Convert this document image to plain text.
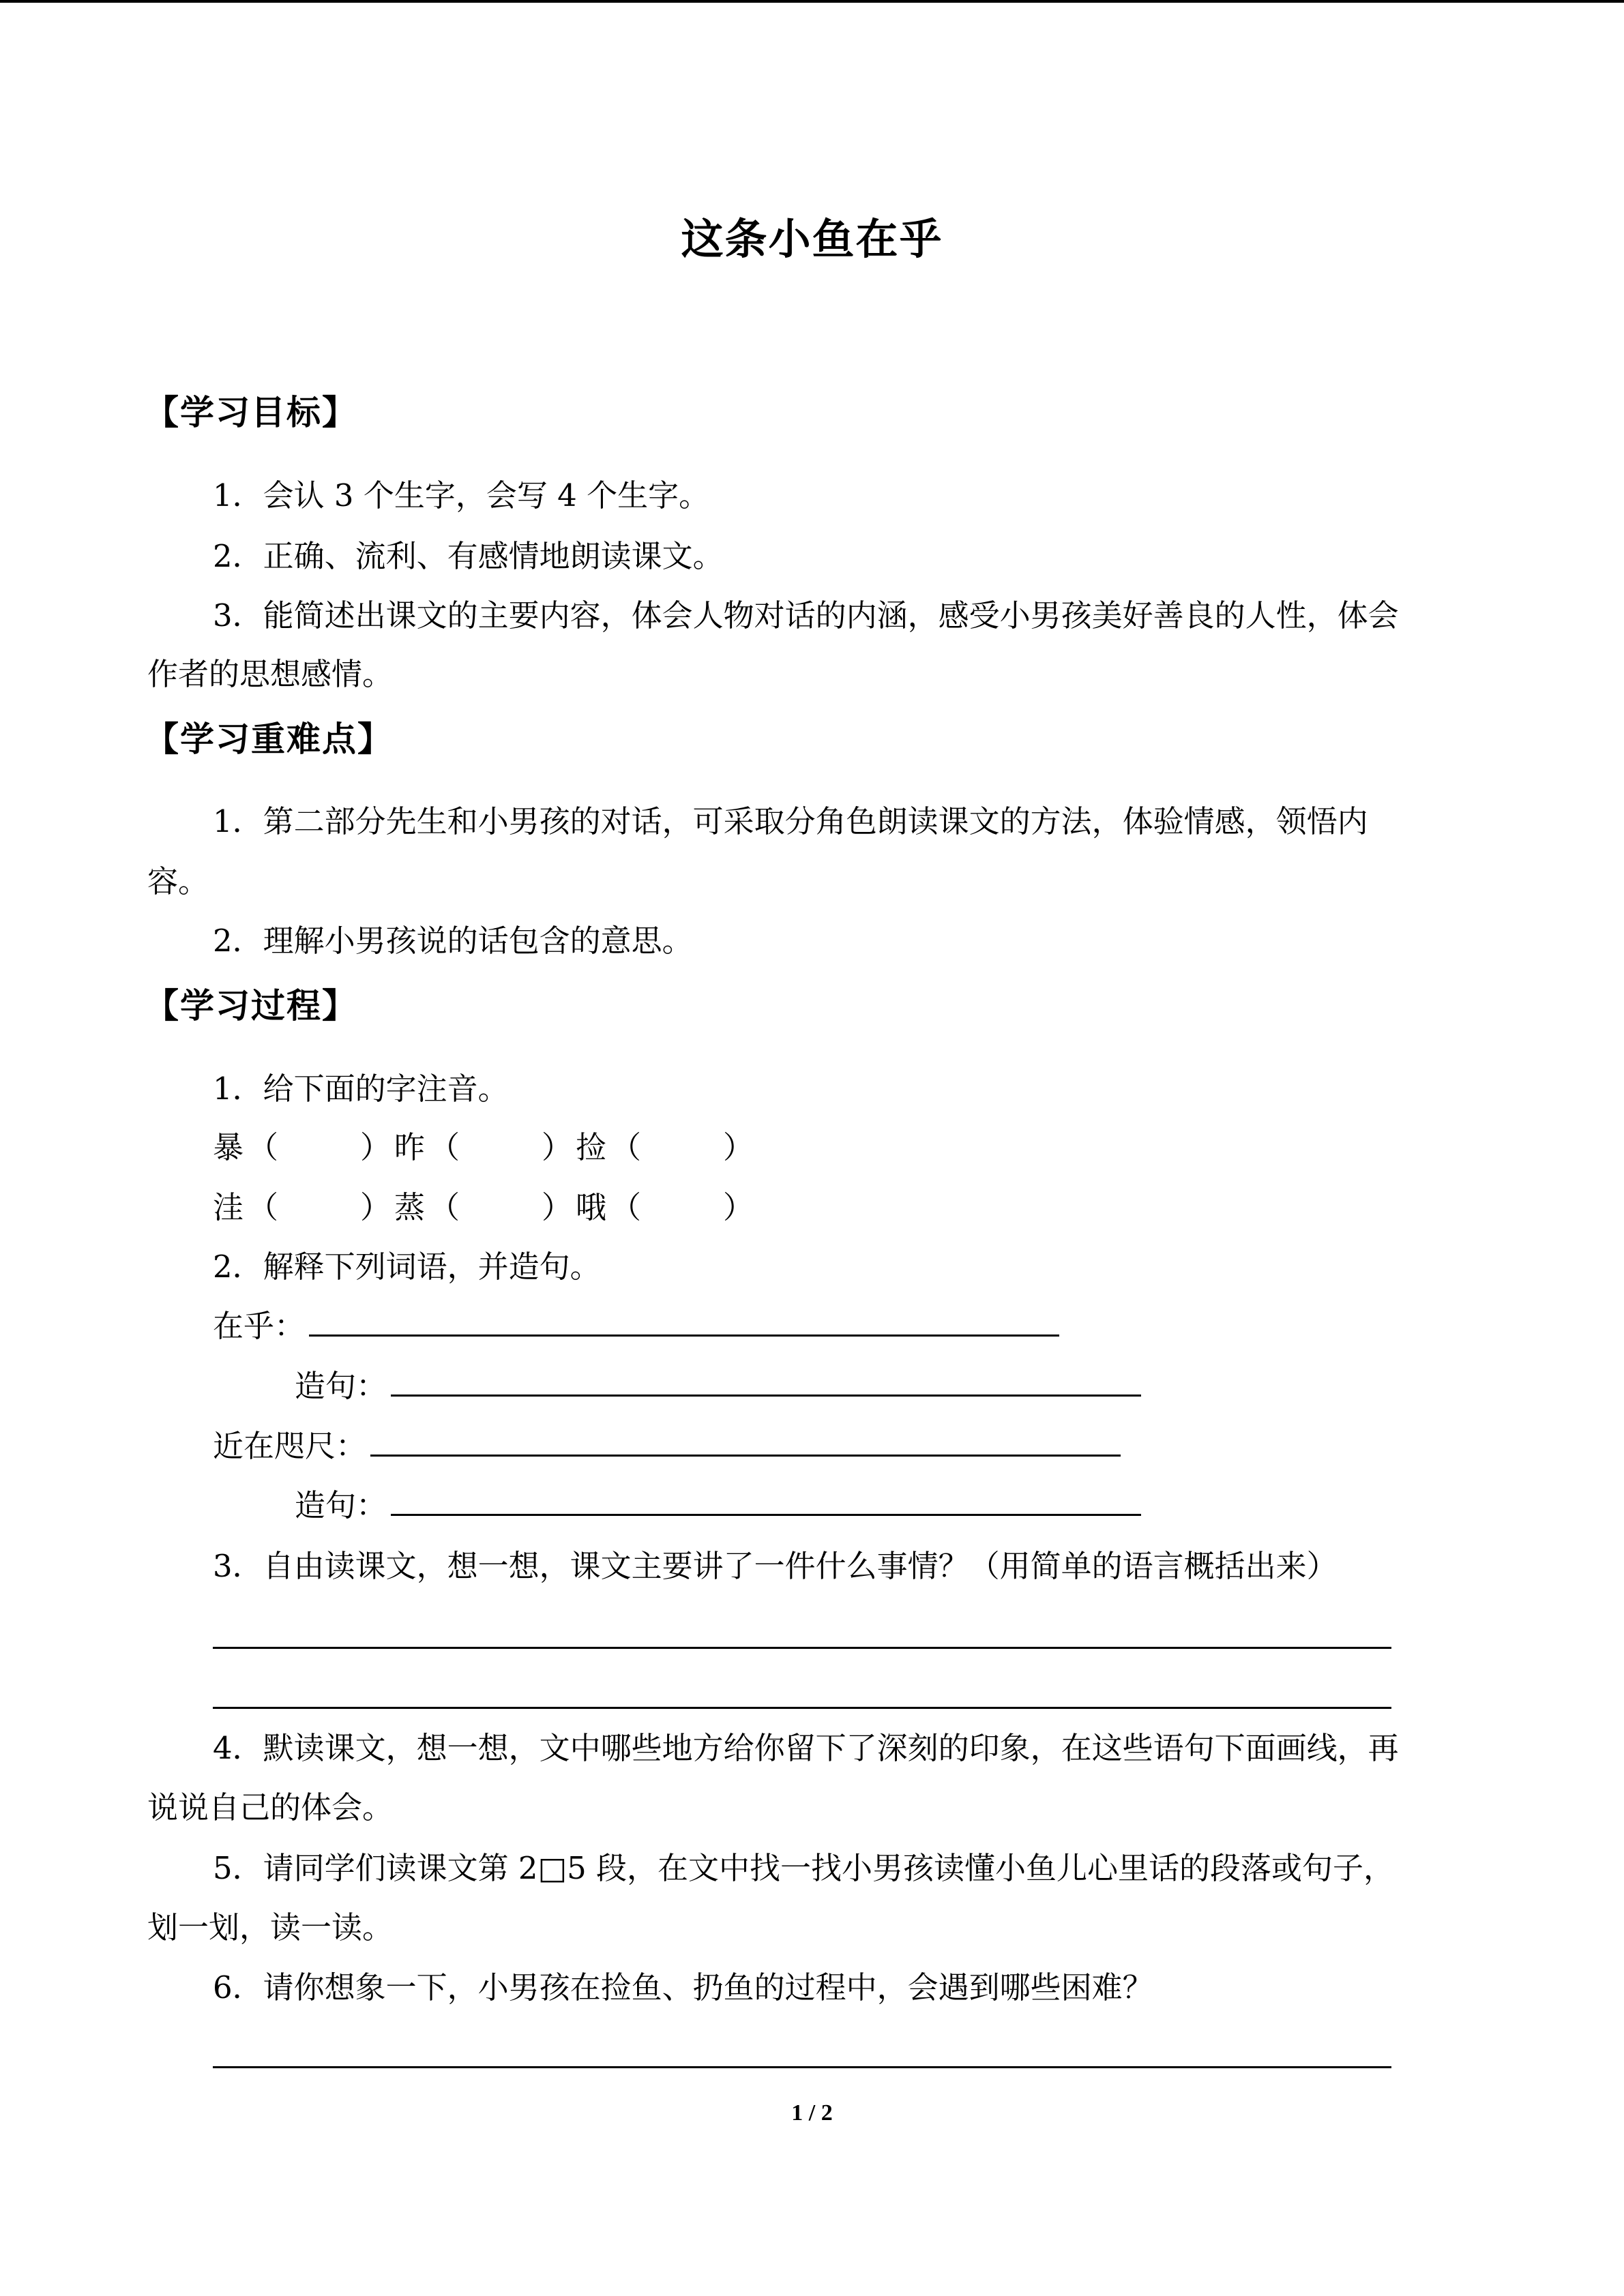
这条小鱼在乎
【学习目标】
1．会认 3 个生字，会写 4 个生字。
2．正确、流利、有感情地朗读课文。
3．能简述出课文的主要内容，体会人物对话的内涵，感受小男孩美好善良的人性，体会
作者的思想感情。
【学习重难点】
1．第二部分先生和小男孩的对话，可采取分角色朗读课文的方法，体验情感，领悟内
容。
2．理解小男孩说的话包含的意思。
【学习过程】
1．给下面的字注音。
暴 （	） 昨 （	） 捡 （	）
洼 （	） 蒸 （	） 哦 （	）
2．解释下列词语，并造句。
在乎：
造句：
近在咫尺：
造句：
3．自由读课文，想一想，课文主要讲了一件什么事情？（用简单的语言概括出来）
4．默读课文，想一想，文中哪些地方给你留下了深刻的印象，在这些语句下面画线，再
说说自己的体会。
5．请同学们读课文第 2□5 段，在文中找一找小男孩读懂小鱼儿心里话的段落或句子，
划一划，读一读。
6．请你想象一下，小男孩在捡鱼、扔鱼的过程中，会遇到哪些困难？
1 / 2
